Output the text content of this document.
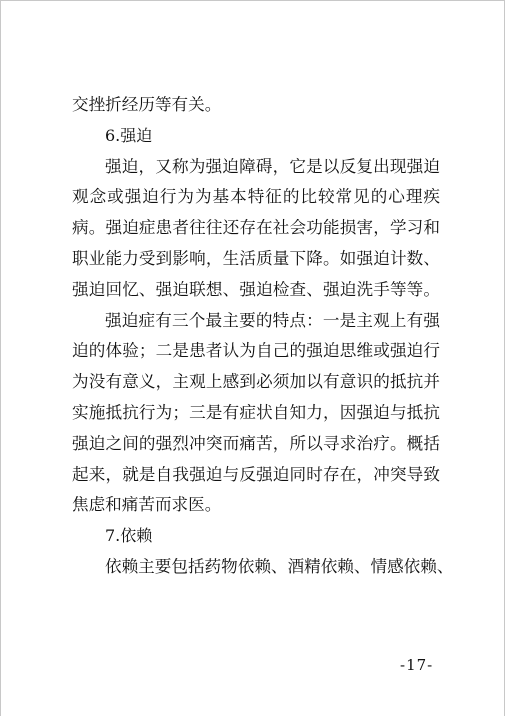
交挫折经历等有关。
6.强迫
强迫，又称为强迫障碍，它是以反复出现强迫
观念或强迫行为为基本特征的比较常见的心理疾
病。强迫症患者往往还存在社会功能损害，学习和
职业能力受到影响，生活质量下降。如强迫计数、
强迫回忆、强迫联想、强迫检查、强迫洗手等等。
强迫症有三个最主要的特点：一是主观上有强
迫的体验；二是患者认为自己的强迫思维或强迫行
为没有意义，主观上感到必须加以有意识的抵抗并
实施抵抗行为；三是有症状自知力，因强迫与抵抗
强迫之间的强烈冲突而痛苦，所以寻求治疗。概括
起来，就是自我强迫与反强迫同时存在，冲突导致
焦虑和痛苦而求医。
7.依赖
依赖主要包括药物依赖、酒精依赖、情感依赖、
-17-
